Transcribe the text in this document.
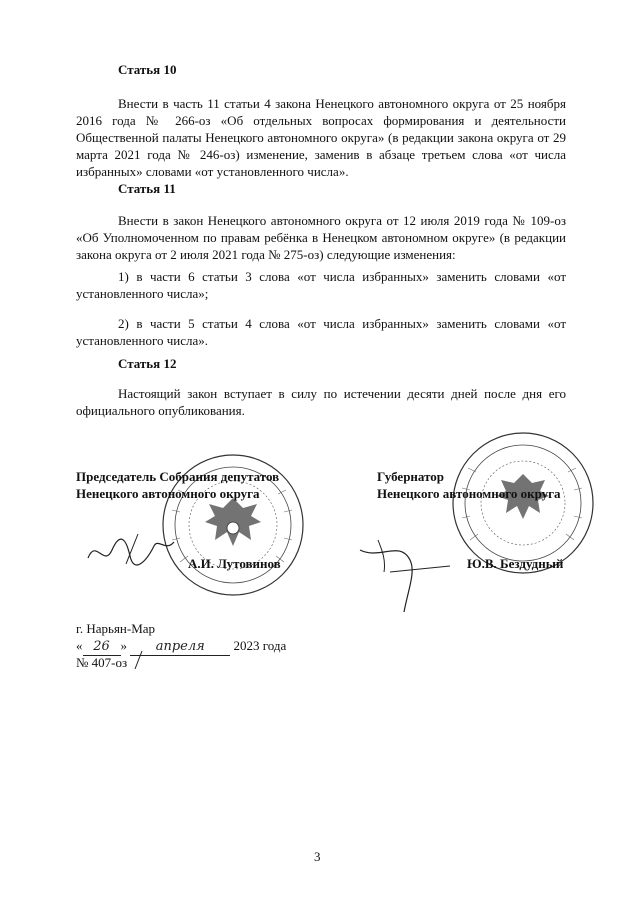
Статья 10

Внести в часть 11 статьи 4 закона Ненецкого автономного округа от 25 ноября 2016 года № 266-оз «Об отдельных вопросах формирования и деятельности Общественной палаты Ненецкого автономного округа» (в редакции закона округа от 29 марта 2021 года № 246-оз) изменение, заменив в абзаце третьем слова «от числа избранных» словами «от установленного числа».

Статья 11

Внести в закон Ненецкого автономного округа от 12 июля 2019 года № 109-оз «Об Уполномоченном по правам ребёнка в Ненецком автономном округе» (в редакции закона округа от 2 июля 2021 года № 275-оз) следующие изменения:

1) в части 6 статьи 3 слова «от числа избранных» заменить словами «от установленного числа»;

2) в части 5 статьи 4 слова «от числа избранных» заменить словами «от установленного числа».

Статья 12

Настоящий закон вступает в силу по истечении десяти дней после дня его официального опубликования.

Председатель Собрания депутатов
Ненецкого автономного округа
Губернатор
Ненецкого автономного округа
А.И. Лутовинов	Ю.В. Бездудный
г. Нарьян-Мар
« 26 » апреля 2023 года
№ 407-оз
3
